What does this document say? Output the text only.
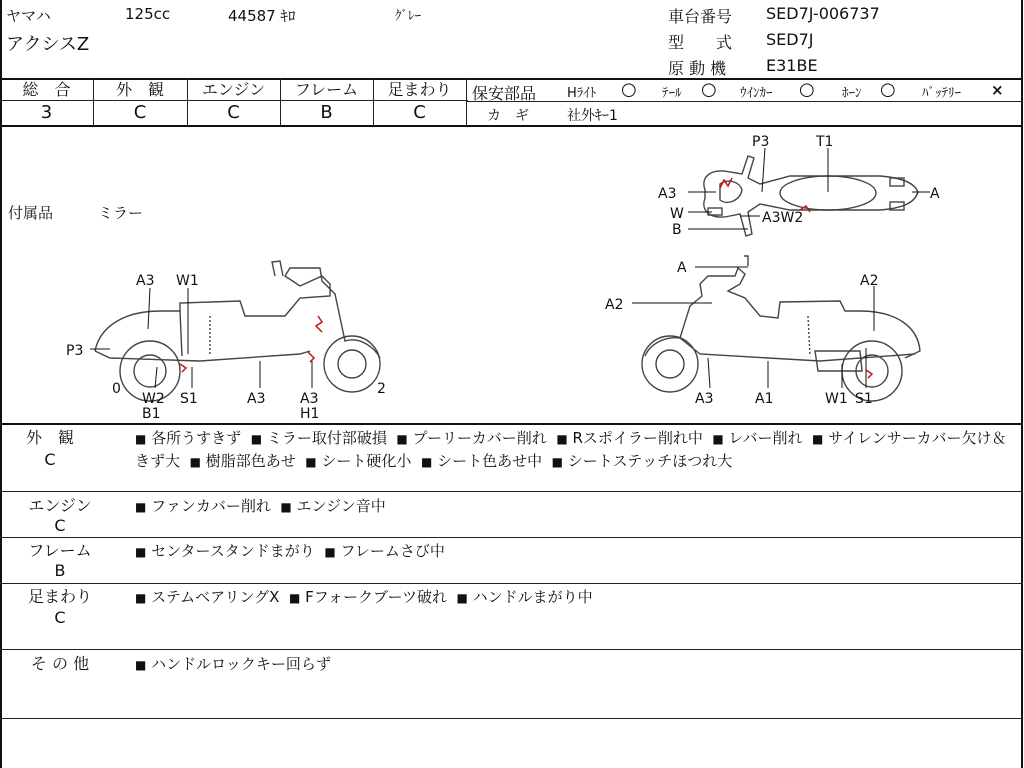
ヤマハ	125cc	44587 ｷﾛ	ｸﾞﾚｰ
アクシスZ
車台番号 SED7J-006737
型　　式 SED7J
原 動 機 E31BE
総　合	外　観	エンジン	フレーム	足まわり
3	C	C	B	C
保安部品 Hﾗｲﾄ ○ ﾃｰﾙ ○ ｳｲﾝｶｰ ○ ﾎｰﾝ ○ ﾊﾞｯﾃﾘｰ ×
カ　ギ	社外ｷｰ1
付属品	ミラー
P3	T1
A3	A
W	A3W2
B
A3 W1
P3
0
W2
B1
S1	A3 A3
H1
2
A
A2
A2
A3	A1	W1 S1
外　観
C
■ 各所うすきず ■ ミラー取付部破損 ■ プーリーカバー削れ ■ Rスポイラー削れ中 ■ レバー削れ ■ サイレンサーカバー欠け＆きず大 ■ 樹脂部色あせ ■ シート硬化小 ■ シート色あせ中 ■ シートステッチほつれ大
エンジン
C
■ ファンカバー削れ ■ エンジン音中
フレーム
B
■ センタースタンドまがり ■ フレームさび中
足まわり
C
■ ステムベアリングX ■ Fフォークブーツ破れ ■ ハンドルまがり中
そ の 他	■ ハンドルロックキー回らず
